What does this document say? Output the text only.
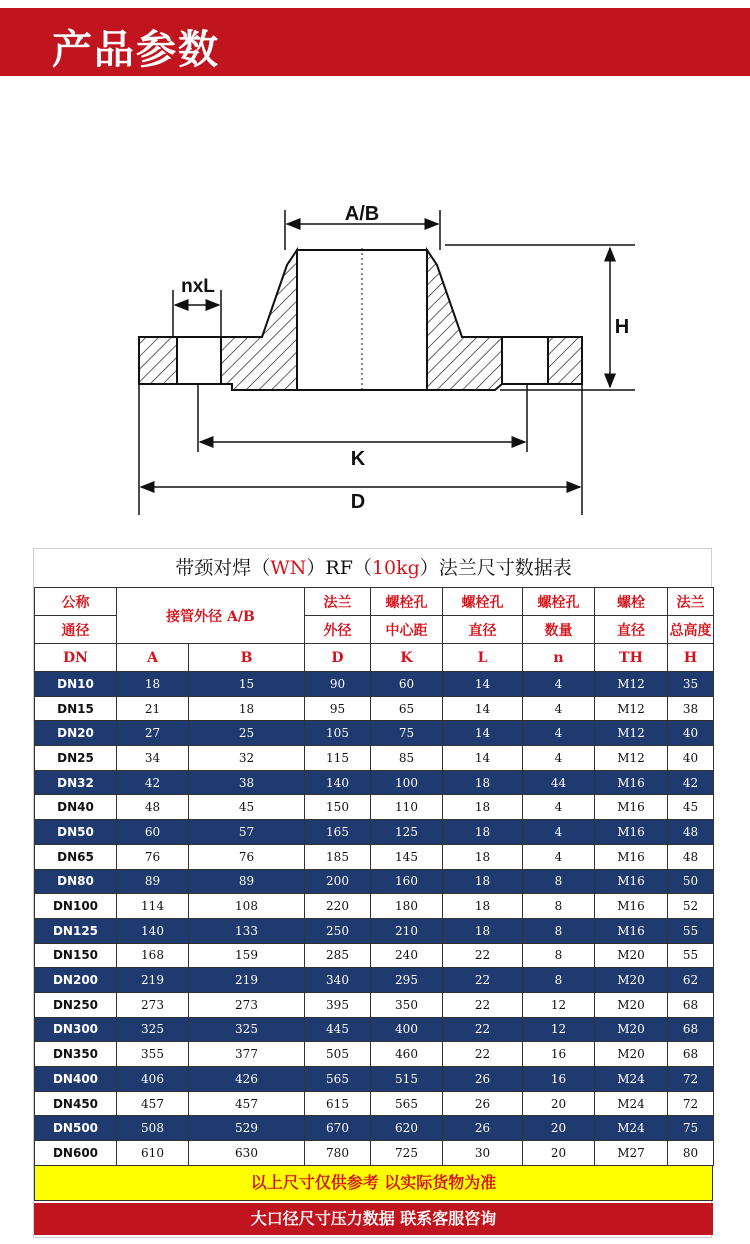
产品参数
A/B
nxL
H
K
D
带颈对焊（WN）RF（10kg）法兰尺寸数据表
公称	接管外径 A/B		法兰	螺栓孔	螺栓孔	螺栓孔	螺栓	法兰
通径			外径	中心距	直径	数量	直径	总高度
DN	A	B	D	K	L	n	TH	H
DN10	18	15	90	60	14	4	M12	35
DN15	21	18	95	65	14	4	M12	38
DN20	27	25	105	75	14	4	M12	40
DN25	34	32	115	85	14	4	M12	40
DN32	42	38	140	100	18	44	M16	42
DN40	48	45	150	110	18	4	M16	45
DN50	60	57	165	125	18	4	M16	48
DN65	76	76	185	145	18	4	M16	48
DN80	89	89	200	160	18	8	M16	50
DN100	114	108	220	180	18	8	M16	52
DN125	140	133	250	210	18	8	M16	55
DN150	168	159	285	240	22	8	M20	55
DN200	219	219	340	295	22	8	M20	62
DN250	273	273	395	350	22	12	M20	68
DN300	325	325	445	400	22	12	M20	68
DN350	355	377	505	460	22	16	M20	68
DN400	406	426	565	515	26	16	M24	72
DN450	457	457	615	565	26	20	M24	72
DN500	508	529	670	620	26	20	M24	75
DN600	610	630	780	725	30	20	M27	80
以上尺寸仅供参考 以实际货物为准
大口径尺寸压力数据 联系客服咨询
